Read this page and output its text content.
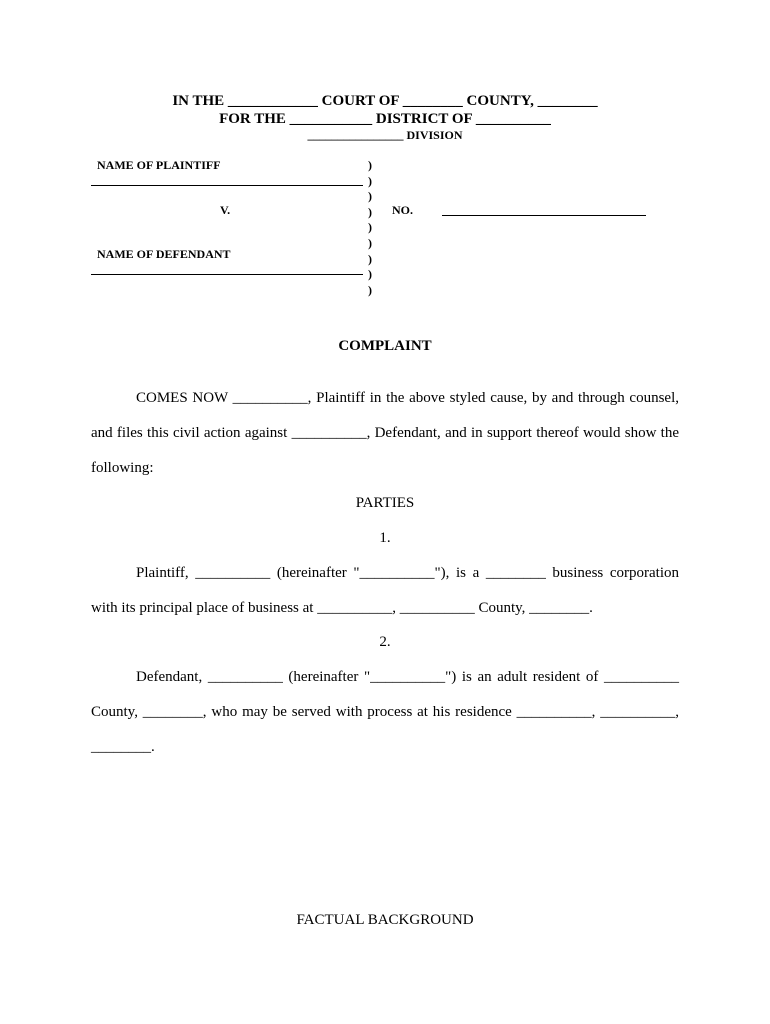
IN THE ____________ COURT OF ________ COUNTY, ________
FOR THE ___________ DISTRICT OF __________
________________ DIVISION
NAME OF PLAINTIFF
V.
NAME OF DEFENDANT
)
)
)
)
)
)
)
)
)
NO.
COMPLAINT
COMES NOW __________, Plaintiff in the above styled cause, by and through counsel,
and files this civil action against __________, Defendant, and in support thereof would show the
following:
PARTIES
1.
Plaintiff, __________ (hereinafter "__________"), is a ________ business corporation
with its principal place of business at __________, __________ County, ________.
2.
Defendant, __________ (hereinafter "__________") is an adult resident of __________
County, ________, who may be served with process at his residence __________, __________,
________.
FACTUAL BACKGROUND
